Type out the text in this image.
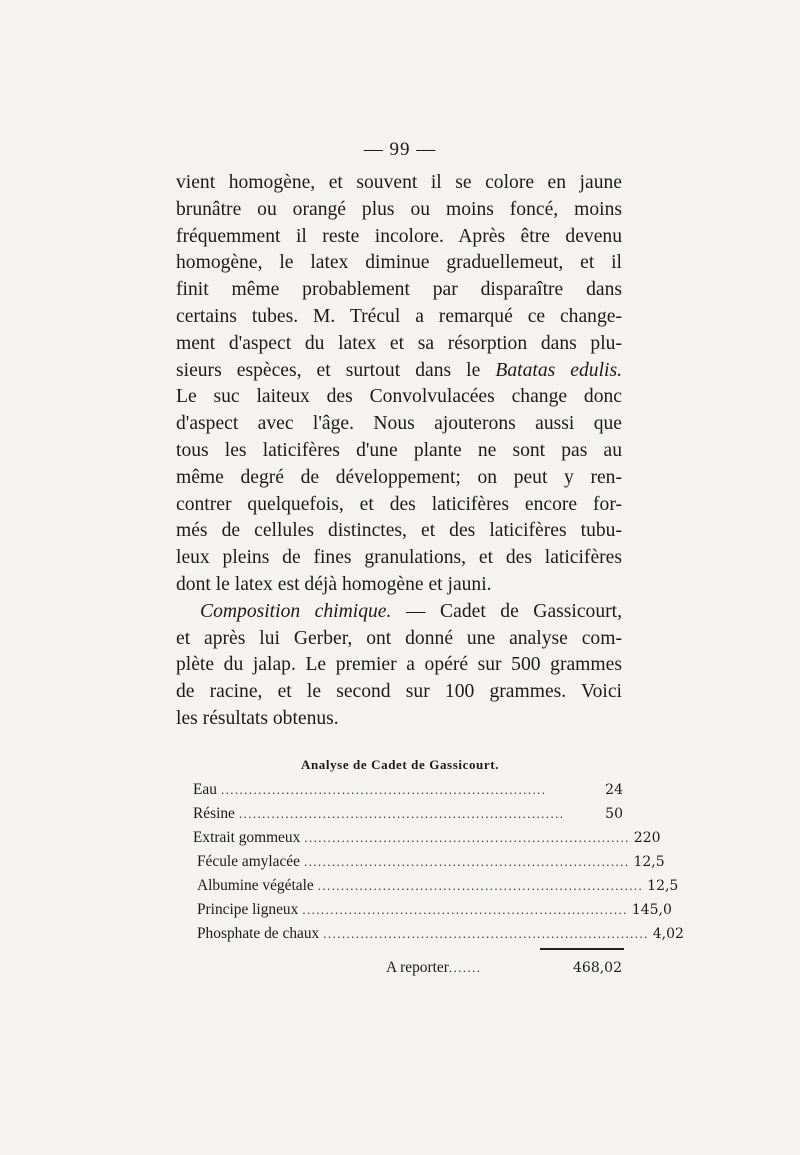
— 99 —
vient homogène, et souvent il se colore en jaune
brunâtre ou orangé plus ou moins foncé, moins
fréquemment il reste incolore. Après être devenu
homogène, le latex diminue graduellemeut, et il
finit même probablement par disparaître dans
certains tubes. M. Trécul a remarqué ce change-
ment d'aspect du latex et sa résorption dans plu-
sieurs espèces, et surtout dans le Batatas edulis.
Le suc laiteux des Convolvulacées change donc
d'aspect avec l'âge. Nous ajouterons aussi que
tous les laticifères d'une plante ne sont pas au
même degré de développement; on peut y ren-
contrer quelquefois, et des laticifères encore for-
més de cellules distinctes, et des laticifères tubu-
leux pleins de fines granulations, et des laticifères
dont le latex est déjà homogène et jauni.
Composition chimique. — Cadet de Gassicourt,
et après lui Gerber, ont donné une analyse com-
plète du jalap. Le premier a opéré sur 500 grammes
de racine, et le second sur 100 grammes. Voici
les résultats obtenus.
Analyse de Cadet de Gassicourt.
Eau ......................................................................	24
Résine ......................................................................	50
Extrait gommeux ...................................................................... 220
Fécule amylacée ...................................................................... 12,5
Albumine végétale ...................................................................... 12,5
Principe ligneux ...................................................................... 145,0
Phosphate de chaux ...................................................................... 4,02
A reporter .......	468,02
